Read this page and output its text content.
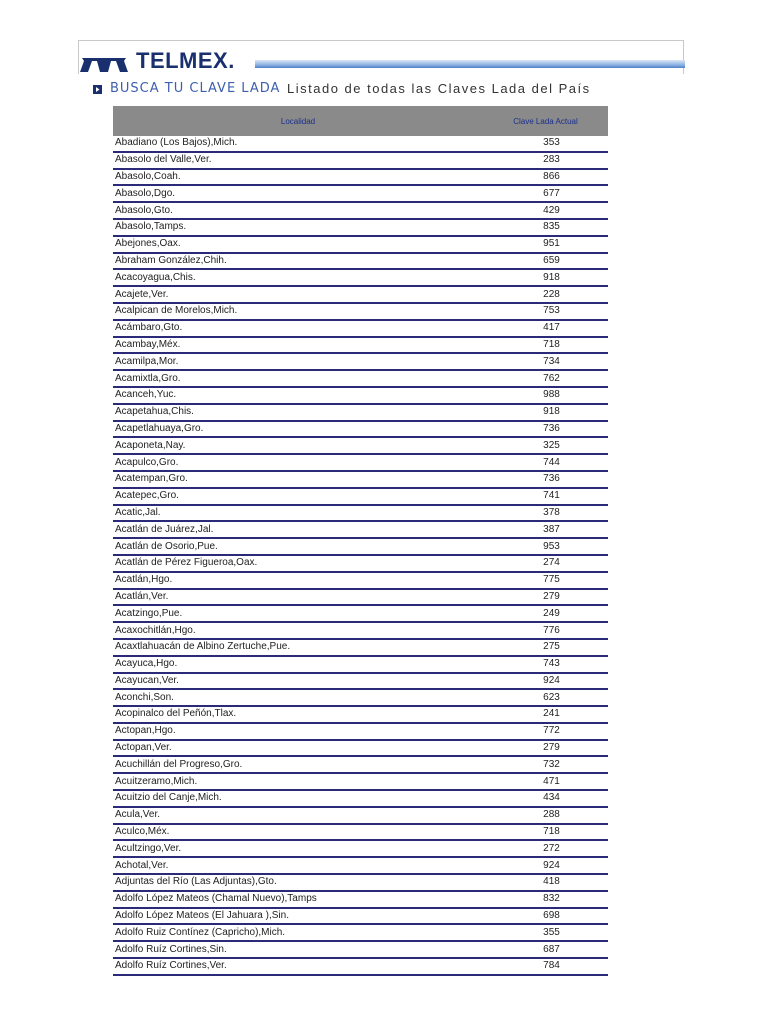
TELMEX.
BUSCA TU CLAVE LADA Listado de todas las Claves Lada del País
Localidad	Clave Lada Actual
Abadiano (Los Bajos),Mich.	353
Abasolo del Valle,Ver.	283
Abasolo,Coah.	866
Abasolo,Dgo.	677
Abasolo,Gto.	429
Abasolo,Tamps.	835
Abejones,Oax.	951
Abraham González,Chih.	659
Acacoyagua,Chis.	918
Acajete,Ver.	228
Acalpican de Morelos,Mich.	753
Acámbaro,Gto.	417
Acambay,Méx.	718
Acamilpa,Mor.	734
Acamixtla,Gro.	762
Acanceh,Yuc.	988
Acapetahua,Chis.	918
Acapetlahuaya,Gro.	736
Acaponeta,Nay.	325
Acapulco,Gro.	744
Acatempan,Gro.	736
Acatepec,Gro.	741
Acatic,Jal.	378
Acatlán de Juárez,Jal.	387
Acatlán de Osorio,Pue.	953
Acatlán de Pérez Figueroa,Oax.	274
Acatlán,Hgo.	775
Acatlán,Ver.	279
Acatzingo,Pue.	249
Acaxochitlán,Hgo.	776
Acaxtlahuacán de Albino Zertuche,Pue.	275
Acayuca,Hgo.	743
Acayucan,Ver.	924
Aconchi,Son.	623
Acopinalco del Peñón,Tlax.	241
Actopan,Hgo.	772
Actopan,Ver.	279
Acuchillán del Progreso,Gro.	732
Acuitzeramo,Mich.	471
Acuitzio del Canje,Mich.	434
Acula,Ver.	288
Aculco,Méx.	718
Acultzingo,Ver.	272
Achotal,Ver.	924
Adjuntas del Río (Las Adjuntas),Gto.	418
Adolfo López Mateos (Chamal Nuevo),Tamps	832
Adolfo López Mateos (El Jahuara ),Sin.	698
Adolfo Ruiz Contínez (Capricho),Mich.	355
Adolfo Ruíz Cortines,Sin.	687
Adolfo Ruíz Cortines,Ver.	784
